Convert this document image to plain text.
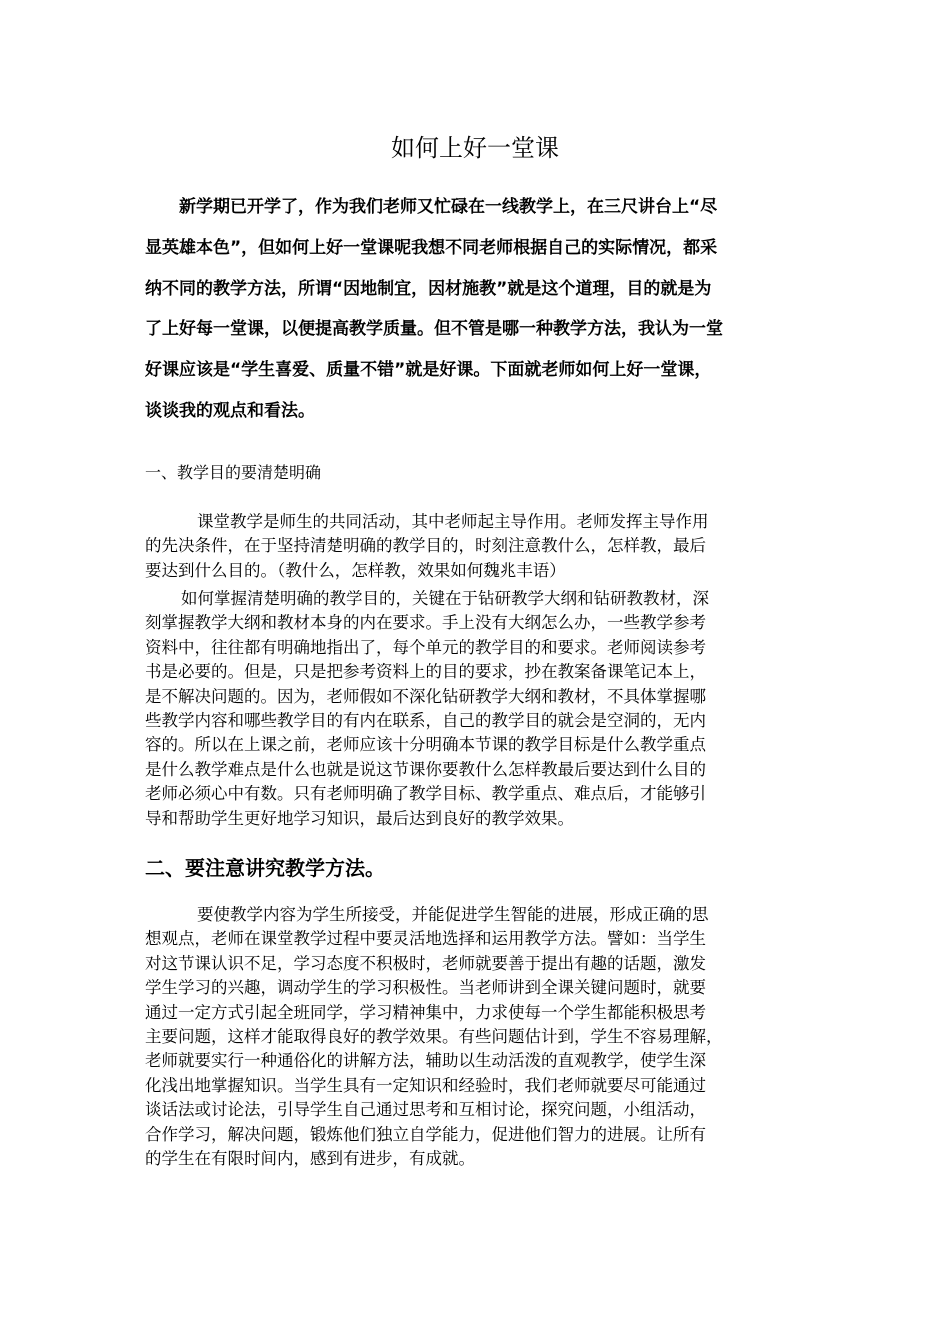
如何上好一堂课

新学期已开学了，作为我们老师又忙碌在一线教学上，在三尺讲台上“尽
显英雄本色”，但如何上好一堂课呢我想不同老师根据自己的实际情况，都采
纳不同的教学方法，所谓“因地制宜，因材施教”就是这个道理，目的就是为
了上好每一堂课，以便提高教学质量。但不管是哪一种教学方法，我认为一堂
好课应该是“学生喜爱、质量不错”就是好课。下面就老师如何上好一堂课，
谈谈我的观点和看法。

一、教学目的要清楚明确
课堂教学是师生的共同活动，其中老师起主导作用。老师发挥主导作用
的先决条件，在于坚持清楚明确的教学目的，时刻注意教什么，怎样教，最后
要达到什么目的。（教什么，怎样教，效果如何魏兆丰语）
如何掌握清楚明确的教学目的，关键在于钻研教学大纲和钻研教教材，深
刻掌握教学大纲和教材本身的内在要求。手上没有大纲怎么办，一些教学参考
资料中，往往都有明确地指出了，每个单元的教学目的和要求。老师阅读参考
书是必要的。但是，只是把参考资料上的目的要求，抄在教案备课笔记本上，
是不解决问题的。因为，老师假如不深化钻研教学大纲和教材，不具体掌握哪
些教学内容和哪些教学目的有内在联系，自己的教学目的就会是空洞的，无内
容的。所以在上课之前，老师应该十分明确本节课的教学目标是什么教学重点
是什么教学难点是什么也就是说这节课你要教什么怎样教最后要达到什么目的
老师必须心中有数。只有老师明确了教学目标、教学重点、难点后，才能够引
导和帮助学生更好地学习知识，最后达到良好的教学效果。
二、要注意讲究教学方法。
要使教学内容为学生所接受，并能促进学生智能的进展，形成正确的思
想观点，老师在课堂教学过程中要灵活地选择和运用教学方法。譬如：当学生
对这节课认识不足，学习态度不积极时，老师就要善于提出有趣的话题，激发
学生学习的兴趣，调动学生的学习积极性。当老师讲到全课关键问题时，就要
通过一定方式引起全班同学，学习精神集中，力求使每一个学生都能积极思考
主要问题，这样才能取得良好的教学效果。有些问题估计到，学生不容易理解，
老师就要实行一种通俗化的讲解方法，辅助以生动活泼的直观教学，使学生深
化浅出地掌握知识。当学生具有一定知识和经验时，我们老师就要尽可能通过
谈话法或讨论法，引导学生自己通过思考和互相讨论，探究问题，小组活动，
合作学习，解决问题，锻炼他们独立自学能力，促进他们智力的进展。让所有
的学生在有限时间内，感到有进步，有成就。
